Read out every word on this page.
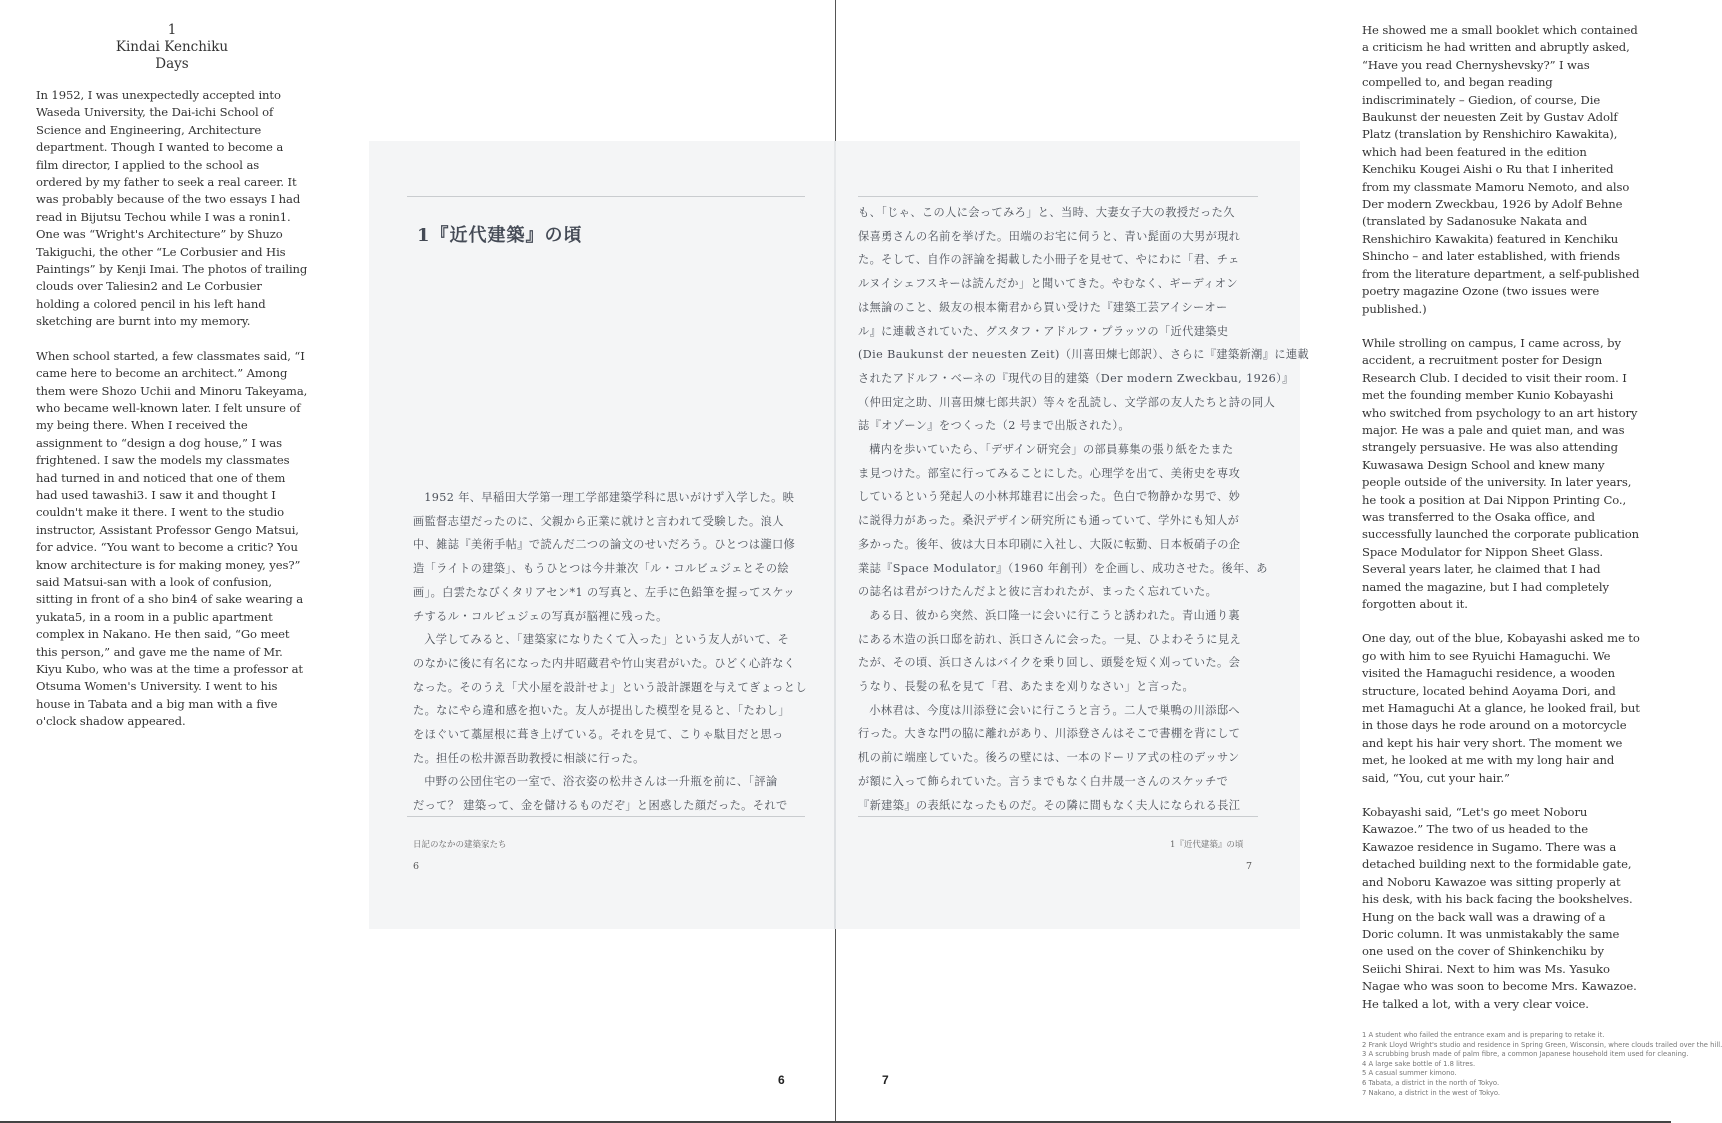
1
Kindai Kenchiku
Days

In 1952, I was unexpectedly accepted into Waseda University, the Dai-ichi School of Science and Engineering, Architecture department. Though I wanted to become a film director, I applied to the school as ordered by my father to seek a real career. It was probably because of the two essays I had read in Bijutsu Techou while I was a ronin1. One was “Wright's Architecture” by Shuzo Takiguchi, the other “Le Corbusier and His Paintings” by Kenji Imai. The photos of trailing clouds over Taliesin2 and Le Corbusier holding a colored pencil in his left hand sketching are burnt into my memory.

When school started, a few classmates said, “I came here to become an architect.” Among them were Shozo Uchii and Minoru Takeyama, who became well-known later. I felt unsure of my being there. When I received the assignment to “design a dog house,” I was frightened. I saw the models my classmates had turned in and noticed that one of them had used tawashi3. I saw it and thought I couldn't make it there. I went to the studio instructor, Assistant Professor Gengo Matsui, for advice. “You want to become a critic? You know architecture is for making money, yes?” said Matsui-san with a look of confusion, sitting in front of a sho bin4 of sake wearing a yukata5, in a room in a public apartment complex in Nakano. He then said, “Go meet this person,” and gave me the name of Mr. Kiyu Kubo, who was at the time a professor at Otsuma Women's University. I went to his house in Tabata and a big man with a five o'clock shadow appeared.

1『近代建築』の頃

1952 年、早稲田大学第一理工学部建築学科に思いがけず入学した。映

画監督志望だったのに、父親から正業に就けと言われて受験した。浪人

中、雑誌『美術手帖』で読んだ二つの論文のせいだろう。ひとつは瀧口修

造「ライトの建築」、もうひとつは今井兼次「ル・コルビュジェとその絵

画」。白雲たなびくタリアセン*1 の写真と、左手に色鉛筆を握ってスケッ

チするル・コルビュジェの写真が脳裡に残った。

入学してみると、「建築家になりたくて入った」という友人がいて、そ

のなかに後に有名になった内井昭蔵君や竹山実君がいた。ひどく心許なく

なった。そのうえ「犬小屋を設計せよ」という設計課題を与えてぎょっとし

た。なにやら違和感を抱いた。友人が提出した模型を見ると、「たわし」

をほぐいて藁屋根に葺き上げている。それを見て、こりゃ駄目だと思っ

た。担任の松井源吾助教授に相談に行った。

中野の公団住宅の一室で、浴衣姿の松井さんは一升瓶を前に、「評論

だって？ 建築って、金を儲けるものだぞ」と困惑した顔だった。それで

日記のなかの建築家たち
6

も、「じゃ、この人に会ってみろ」と、当時、大妻女子大の教授だった久

保喜勇さんの名前を挙げた。田端のお宅に伺うと、青い髭面の大男が現れ

た。そして、自作の評論を掲載した小冊子を見せて、やにわに「君、チェ

ルヌイシェフスキーは読んだか」と聞いてきた。やむなく、ギーディオン

は無論のこと、級友の根本衛君から買い受けた『建築工芸アイシーオー

ル』に連載されていた、グスタフ・アドルフ・プラッツの「近代建築史

(Die Baukunst der neuesten Zeit)（川喜田煉七郎訳）、さらに『建築新潮』に連載

されたアドルフ・ベーネの『現代の目的建築（Der modern Zweckbau, 1926）』

（仲田定之助、川喜田煉七郎共訳）等々を乱読し、文学部の友人たちと詩の同人

誌『オゾーン』をつくった（2 号まで出版された）。

構内を歩いていたら、「デザイン研究会」の部員募集の張り紙をたまた

ま見つけた。部室に行ってみることにした。心理学を出て、美術史を専攻

しているという発起人の小林邦雄君に出会った。色白で物静かな男で、妙

に説得力があった。桑沢デザイン研究所にも通っていて、学外にも知人が

多かった。後年、彼は大日本印刷に入社し、大阪に転勤、日本板硝子の企

業誌『Space Modulator』（1960 年創刊）を企画し、成功させた。後年、あ

の誌名は君がつけたんだよと彼に言われたが、まったく忘れていた。

ある日、彼から突然、浜口隆一に会いに行こうと誘われた。青山通り裏

にある木造の浜口邸を訪れ、浜口さんに会った。一見、ひよわそうに見え

たが、その頃、浜口さんはバイクを乗り回し、頭髪を短く刈っていた。会

うなり、長髪の私を見て「君、あたまを刈りなさい」と言った。

小林君は、今度は川添登に会いに行こうと言う。二人で巣鴨の川添邸へ

行った。大きな門の脇に離れがあり、川添登さんはそこで書棚を背にして

机の前に端座していた。後ろの壁には、一本のドーリア式の柱のデッサン

が額に入って飾られていた。言うまでもなく白井晟一さんのスケッチで

『新建築』の表紙になったものだ。その隣に間もなく夫人になられる長江

1『近代建築』の頃
7

He showed me a small booklet which contained a criticism he had written and abruptly asked, “Have you read Chernyshevsky?” I was compelled to, and began reading indiscriminately – Giedion, of course, Die Baukunst der neuesten Zeit by Gustav Adolf Platz (translation by Renshichiro Kawakita), which had been featured in the edition Kenchiku Kougei Aishi o Ru that I inherited from my classmate Mamoru Nemoto, and also Der modern Zweckbau, 1926 by Adolf Behne (translated by Sadanosuke Nakata and Renshichiro Kawakita) featured in Kenchiku Shincho – and later established, with friends from the literature department, a self-published poetry magazine Ozone (two issues were published.)

While strolling on campus, I came across, by accident, a recruitment poster for Design Research Club. I decided to visit their room. I met the founding member Kunio Kobayashi who switched from psychology to an art history major. He was a pale and quiet man, and was strangely persuasive. He was also attending Kuwasawa Design School and knew many people outside of the university. In later years, he took a position at Dai Nippon Printing Co., was transferred to the Osaka office, and successfully launched the corporate publication Space Modulator for Nippon Sheet Glass. Several years later, he claimed that I had named the magazine, but I had completely forgotten about it.

One day, out of the blue, Kobayashi asked me to go with him to see Ryuichi Hamaguchi. We visited the Hamaguchi residence, a wooden structure, located behind Aoyama Dori, and met Hamaguchi At a glance, he looked frail, but in those days he rode around on a motorcycle and kept his hair very short. The moment we met, he looked at me with my long hair and said, “You, cut your hair.”

Kobayashi said, “Let's go meet Noboru Kawazoe.” The two of us headed to the Kawazoe residence in Sugamo. There was a detached building next to the formidable gate, and Noboru Kawazoe was sitting properly at his desk, with his back facing the bookshelves. Hung on the back wall was a drawing of a Doric column. It was unmistakably the same one used on the cover of Shinkenchiku by Seiichi Shirai. Next to him was Ms. Yasuko Nagae who was soon to become Mrs. Kawazoe. He talked a lot, with a very clear voice.

1 A student who failed the entrance exam and is preparing to retake it.
2 Frank Lloyd Wright's studio and residence in Spring Green, Wisconsin, where clouds trailed over the hill.
3 A scrubbing brush made of palm fibre, a common Japanese household item used for cleaning.
4 A large sake bottle of 1.8 litres.
5 A casual summer kimono.
6 Tabata, a district in the north of Tokyo.
7 Nakano, a district in the west of Tokyo.
6	7
